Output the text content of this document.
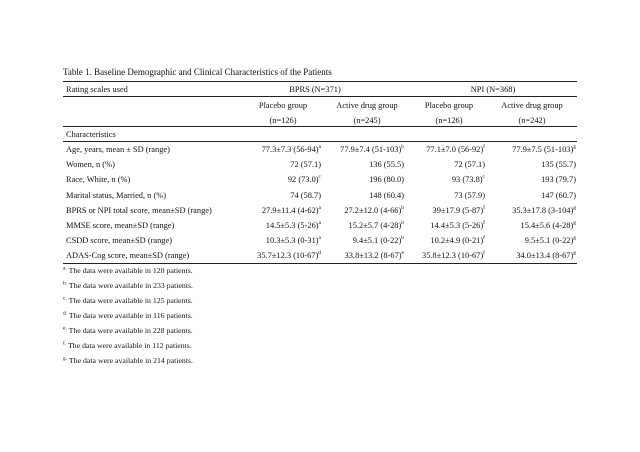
Table 1. Baseline Demographic and Clinical Characteristics of the Patients
Rating scales used	BPRS (N=371)	NPI (N=368)
Placebo group	Active drug group	Placebo group	Active drug group
(n=126)	(n=245)	(n=126)	(n=242)
Characteristics
Age, years, mean ± SD (range)	77.3±7.3 $(56-94)^a$	77.9±7.4 $(51-103)^b$	77.1±7.0 $(56-92)^f$	77.9±7.5 $(51-103)^g$
Women, n (%)	72 (57.1)	136 (55.5)	72 (57.1)	135 (55.7)
Race, White, n (%)	92 $(73.0)^c$	196 (80.0)	93 $(73.8)^c$	193 (79.7)
Marital status, Married, n (%)	74 (58.7)	148 (60.4)	73 (57.9)	147 (60.7)
BPRS or NPI total score, mean±SD (range)	27.9±11.4 $(4-62)^a$	27.2±12.0 $(4-66)^b$	39±17.9 $(5-87)^f$	35.3±17.8 $(3-104)^g$
MMSE score, mean±SD (range)	14.5±5.3 $(5-26)^a$	15.2±5.7 $(4-28)^b$	14.4±5.3 $(5-26)^f$	15.4±5.6 $(4-28)^g$
CSDD score, mean±SD (range)	10.3±5.3 $(0-31)^a$	9.4±5.1 $(0-22)^b$	10.2±4.9 $(0-21)^f$	9.5±5.1 $(0-22)^g$
ADAS-Cog score, mean±SD (range)	35.7±12.3 $(10-67)^d$	33.8±13.2 $(8-67)^e$	35.8±12.3 $(10-67)^f$	34.0±13.4 $(8-67)^g$
$^{a.}$ The data were available in 120 patients.
$^{b.}$ The data were available in 233 patients.
$^{c.}$ The data were available in 125 patients.
$^{d.}$ The data were available in 116 patients.
$^{e.}$ The data were available in 228 patients.
$^{f.}$ The data were available in 112 patients.
$^{g.}$ The data were available in 214 patients.
